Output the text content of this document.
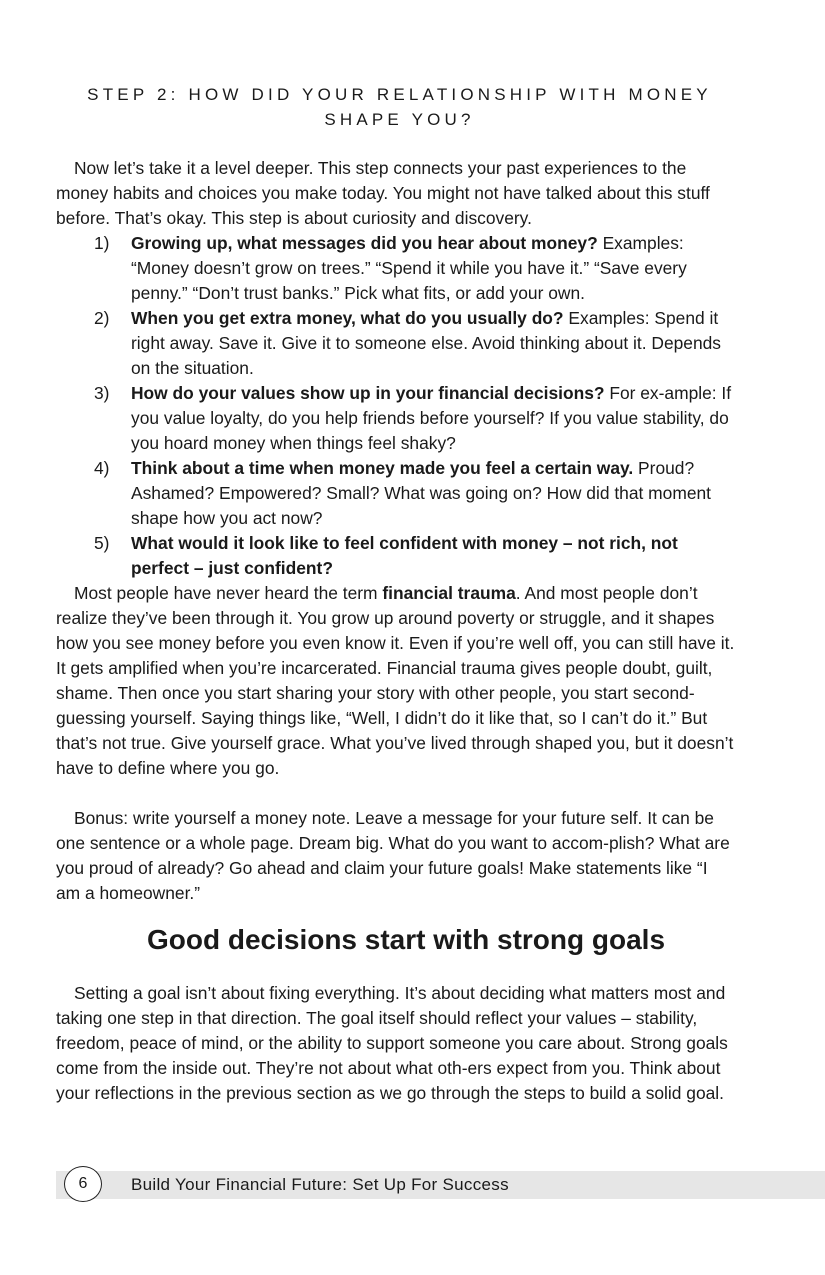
STEP 2: HOW DID YOUR RELATIONSHIP WITH MONEY
SHAPE YOU?

Now let’s take it a level deeper. This step connects your past experiences to the money habits and choices you make today. You might not have talked about this stuff before. That’s okay. This step is about curiosity and discovery.

1) Growing up, what messages did you hear about money? Examples: “Money doesn’t grow on trees.” “Spend it while you have it.” “Save every penny.” “Don’t trust banks.” Pick what fits, or add your own.
2) When you get extra money, what do you usually do? Examples: Spend it right away. Save it. Give it to someone else. Avoid thinking about it. Depends on the situation.
3) How do your values show up in your financial decisions? For ex-ample: If you value loyalty, do you help friends before yourself? If you value stability, do you hoard money when things feel shaky?
4) Think about a time when money made you feel a certain way. Proud? Ashamed? Empowered? Small? What was going on? How did that moment shape how you act now?
5) What would it look like to feel confident with money – not rich, not perfect – just confident?

Most people have never heard the term financial trauma. And most people don’t realize they’ve been through it. You grow up around poverty or struggle, and it shapes how you see money before you even know it. Even if you’re well off, you can still have it. It gets amplified when you’re incarcerated. Financial trauma gives people doubt, guilt, shame. Then once you start sharing your story with other people, you start second-guessing yourself. Saying things like, “Well, I didn’t do it like that, so I can’t do it.” But that’s not true. Give yourself grace. What you’ve lived through shaped you, but it doesn’t have to define where you go.

Bonus: write yourself a money note. Leave a message for your future self. It can be one sentence or a whole page. Dream big. What do you want to accom-plish? What are you proud of already? Go ahead and claim your future goals! Make statements like “I am a homeowner.”

Good decisions start with strong goals

Setting a goal isn’t about fixing everything. It’s about deciding what matters most and taking one step in that direction. The goal itself should reflect your values – stability, freedom, peace of mind, or the ability to support someone you care about. Strong goals come from the inside out. They’re not about what oth-ers expect from you. Think about your reflections in the previous section as we go through the steps to build a solid goal.

6	Build Your Financial Future: Set Up For Success
